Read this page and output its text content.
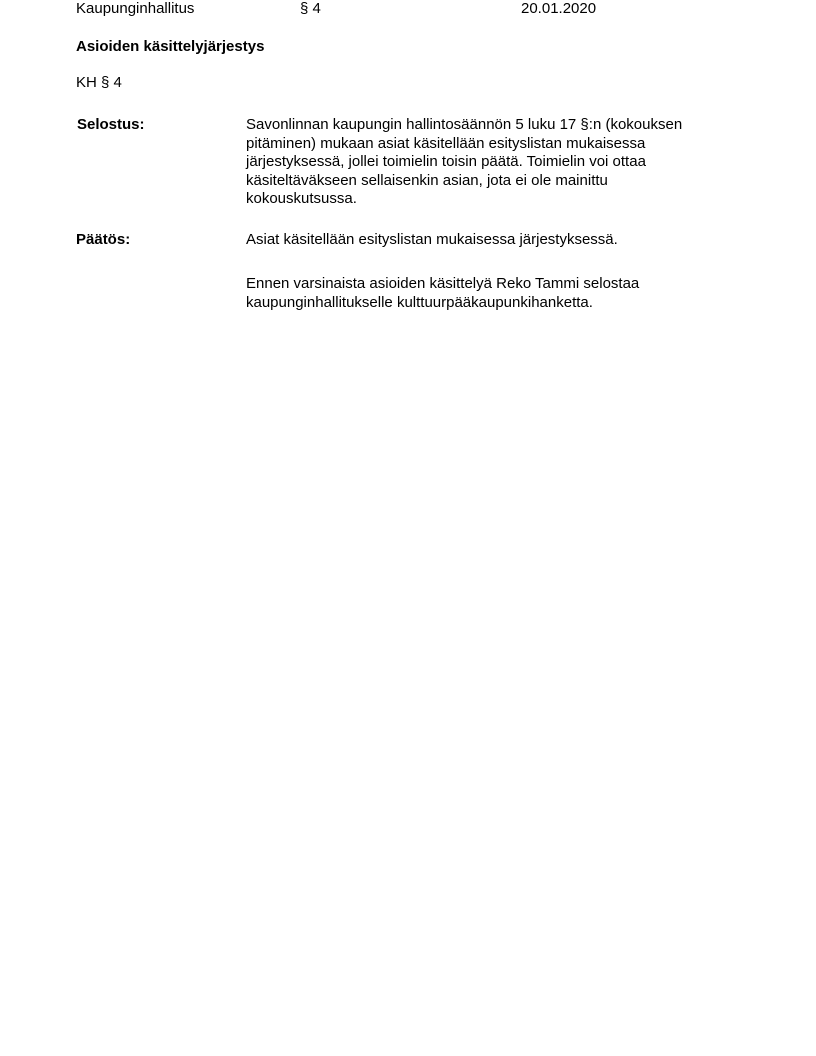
Kaupunginhallitus	§ 4	20.01.2020
Asioiden käsittelyjärjestys
KH § 4
Selostus:	Savonlinnan kaupungin hallintosäännön 5 luku 17 §:n (kokouksen
pitäminen) mukaan asiat käsitellään esityslistan mukaisessa
järjestyksessä, jollei toimielin toisin päätä. Toimielin voi ottaa
käsiteltäväkseen sellaisenkin asian, jota ei ole mainittu
kokouskutsussa.
Päätös:	Asiat käsitellään esityslistan mukaisessa järjestyksessä.
Ennen varsinaista asioiden käsittelyä Reko Tammi selostaa
kaupunginhallitukselle kulttuurpääkaupunkihanketta.
